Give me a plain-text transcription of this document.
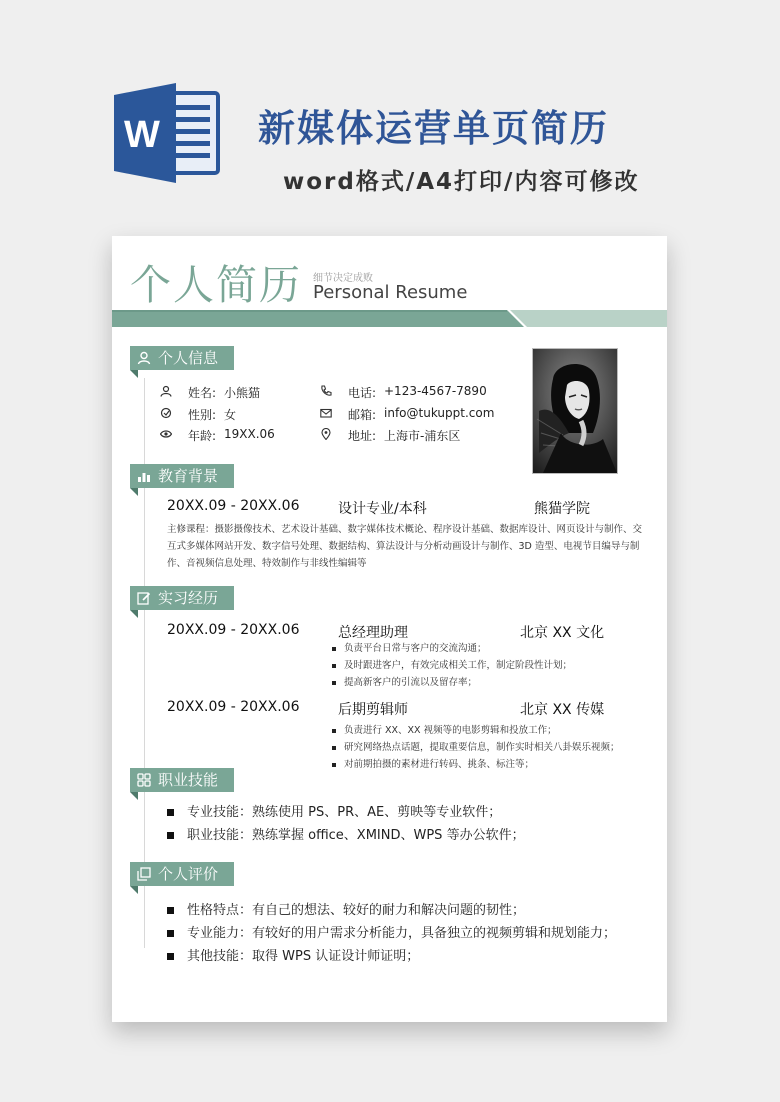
W	新媒体运营单页简历
word格式/A4打印/内容可修改
个人简历 细节决定成败
Personal Resume
个人信息
姓名: 小熊猫
性别: 女
年龄: 19XX.06
电话: +123-4567-7890
邮箱: info@tukuppt.com
地址: 上海市-浦东区
教育背景
20XX.09 - 20XX.06	设计专业/本科	熊猫学院
主修课程：摄影摄像技术、艺术设计基础、数字媒体技术概论、程序设计基础、数据库设计、网页设计与制作、交互式多媒体网站开发、数字信号处理、数据结构、算法设计与分析动画设计与制作、3D 造型、电视节目编导与制作、音视频信息处理、特效制作与非线性编辑等
实习经历
20XX.09 - 20XX.06	总经理助理	北京 XX 文化
负责平台日常与客户的交流沟通；
及时跟进客户，有效完成相关工作，制定阶段性计划；
提高新客户的引流以及留存率；
20XX.09 - 20XX.06	后期剪辑师	北京 XX 传媒
负责进行 XX、XX 视频等的电影剪辑和投放工作；
研究网络热点话题，提取重要信息，制作实时相关八卦娱乐视频；
对前期拍摄的素材进行转码、挑条、标注等；
职业技能
专业技能：熟练使用 PS、PR、AE、剪映等专业软件；
职业技能：熟练掌握 office、XMIND、WPS 等办公软件；
个人评价
性格特点：有自己的想法、较好的耐力和解决问题的韧性；
专业能力：有较好的用户需求分析能力，具备独立的视频剪辑和规划能力；
其他技能：取得 WPS 认证设计师证明；
